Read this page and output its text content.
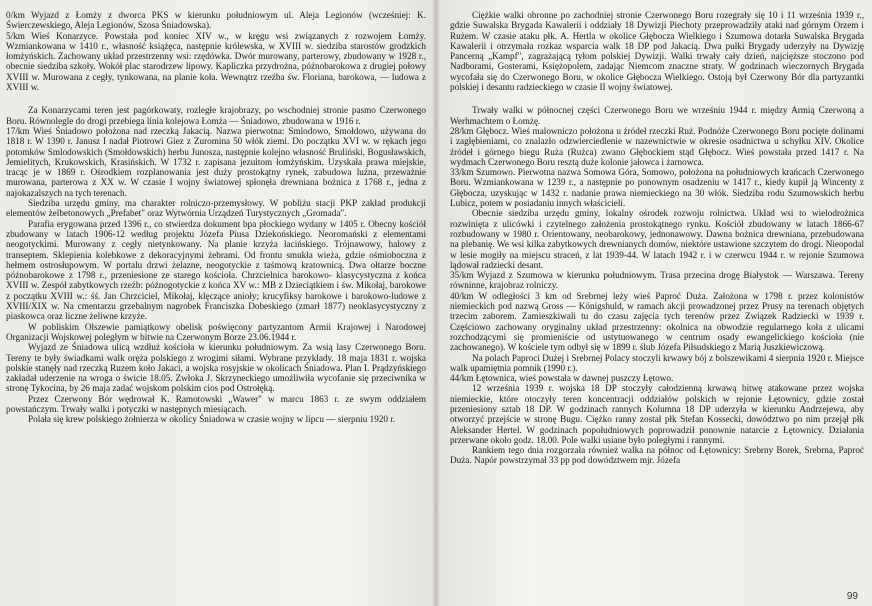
0/km Wyjazd z Łomży z dworca PKS w kierunku południowym ul. Aleja Legionów (wcześniej: K. Świerczewskiego, Aleja Legionów, Szosa Śniadowska).

5/km Wieś Konarzyce. Powstała pod koniec XIV w., w kręgu wsi związanych z rozwojem Łomży. Wzmiankowana w 1410 r., własność książęca, następnie królewska, w XVIII w. siedziba starostów grodzkich łomżyńskich. Zachowany układ przestrzenny wsi: rzędówka. Dwór murowany, parterowy, zbudowany w 1928 r., obecnie siedziba szkoły. Wokół plac starodrzew lipowy. Kapliczka przydrożna, późnobarokowa z drugiej połowy XVIII w. Murowana z cegły, tynkowana, na planie koła. Wewnątrz rzeźba św. Floriana, barokowa, — ludowa z XVIII w.

Za Konarzycami teren jest pagórkowaty, rozległe krajobrazy, po wschodniej stronie pasmo Czerwonego Boru. Równolegle do drogi przebiega linia kolejowa Łomża — Śniadowo, zbudowana w 1916 r.

17/km Wieś Śniadowo położona nad rzeczką Jakacią. Nazwa pierwotna: Smlodowo, Smołdowo, używana do 1818 r. W 1390 r. Janusz I nadał Piotrowi Giez z Zuromina 50 włók ziemi. Do początku XVI w. w rękach jego potomków Smlodowskich (Smołdowskich) herbu Junosza, następnie kolejno własność Bruliński, Bogusławskich, Jemielitych, Krukowskich, Krasińskich. W 1732 r. zapisana jezuitom łomżyńskim. Uzyskała prawa miejskie, tracąc je w 1869 r. Ośrodkiem rozplanowania jest duży prostokątny rynek, zabudowa luźna, przeważnie murowana, parterowa z XX w. W czasie I wojny światowej spłonęła drewniana bożnica z 1768 r., jedna z najokazalszych na tych terenach.

Siedziba urzędu gminy, ma charakter rolniczo-przemysłowy. W pobliżu stacji PKP zakład produkcji elementów żelbetonowych „Prefabet" oraz Wytwórnia Urządzeń Turystycznych „Gromada".

Parafia erygowana przed 1396 r., co stwierdza dokument bpa płockiego wydany w 1405 r. Obecny kościół zbudowany w latach 1906-12 według projektu Józefa Piusa Dziekońskiego. Neoromański z elementami neogotyckimi. Murowany z cegły nietynkowany. Na planie krzyża łacińskiego. Trójnawowy, halowy z transeptem. Sklepienia kolebkowe z dekoracyjnymi żebrami. Od frontu smukła wieża, gdzie ośmioboczna z hełmem ostrosłupowym. W portalu drzwi żelazne, neogotyckie z taśmową kratownicą. Dwa ołtarze boczne późnobarokowe z 1798 r., przeniesione ze starego kościoła. Chrzcielnica barokowo- klasycystyczna z końca XVIII w. Zespół zabytkowych rzeźb: późnogotyckie z końca XV w.: MB z Dzieciątkiem i św. Mikołaj, barokowe z początku XVIII w.: śś. Jan Chrzciciel, Mikołaj, klęczące anioły; krucyfiksy barokowe i barokowo-ludowe z XVIII/XIX w. Na cmentarzu grzebalnym nagrobek Franciszka Dobeskiego (zmarł 1877) neoklasycystyczny z piaskowca oraz liczne żeliwne krzyże.

W pobliskim Olszewie pamiątkowy obelisk poświęcony partyzantom Armii Krajowej i Narodowej Organizacji Wojskowej poległym w bitwie na Czerwonym Borze 23.06.1944 r.

Wyjazd ze Śniadowa ulicą wzdłuż kościoła w kierunku południowym. Za wsią lasy Czerwonego Boru. Tereny te były świadkami walk oręża polskiego z wrogimi siłami. Wybrane przykłady. 18 maja 1831 r. wojska polskie stanęły nad rzeczką Ruzem koło Jakaci, a wojska rosyjskie w okolicach Śniadowa. Plan I. Prądzyńskiego zakładał uderzenie na wroga o świcie 18.05. Zwłoka J. Skrzyneckiego umożliwiła wycofanie się przeciwnika w stronę Tykocina, by 26 maja zadać wojskom polskim cios pod Ostrołęką.

Przez Czerwony Bór wędrował K. Ramotowski „Wawer" w marcu 1863 r. ze swym oddziałem powstańczym. Trwały walki i potyczki w następnych miesiącach.

Polała się krew polskiego żołnierza w okolicy Śniadowa w czasie wojny w lipcu — sierpniu 1920 r.

Ciężkie walki obronne po zachodniej stronie Czerwonego Boru rozegrały się 10 i 11 września 1939 r., gdzie Suwalska Brygada Kawalerii i oddziały 18 Dywizji Piechoty przeprowadziły ataki nad górnym Orzem i Rużem. W czasie ataku płk. A. Hertla w okolice Głębocza Wielkiego i Szumowa dotarła Suwalska Brygada Kawalerii i otrzymała rozkaz wsparcia walk 18 DP pod Jakacią. Dwa pułki Brygady uderzyły na Dywizję Pancerną „Kampf", zagrażającą tyłom polskiej Dywizji. Walki trwały cały dzień, najcięższe stoczono pod Nadborami, Gosterami, Księżopolem, zadając Niemcom znaczne straty. W godzinach wieczornych Brygada wycofała się do Czerwonego Boru, w okolice Głębocza Wielkiego. Ostoją był Czerwony Bór dla partyzantki polskiej i desantu radzieckiego w czasie II wojny światowej.

Trwały walki w północnej części Czerwonego Boru we wrześniu 1944 r. między Armią Czerwoną a Werhmachtem o Łomżę.

28/km Głębocz. Wieś malowniczo położona u źródeł rzeczki Ruż. Podnóże Czerwonego Boru pocięte dolinami i zagłębieniami, co znalazło odzwierciedlenie w nazewnictwie w okresie osadnictwa u schyłku XIV. Okolice źródeł i górnego biegu Ruża (Rużca) zwano Głębockiem stąd Głębocz. Wieś powstała przed 1417 r. Na wydmach Czerwonego Boru resztą duże kolonie jałowca i żarnowca.

33/km Szumowo. Pierwotna nazwa Somowa Góra, Somowo, położona na południowych krańcach Czerwonego Boru. Wzmiankowana w 1239 r., a następnie po ponownym osadzeniu w 1417 r., kiedy kupił ją Wincenty z Głębocza, uzyskując w 1432 r. nadanie prawa niemieckiego na 30 włók. Siedziba rodu Szumowskich herbu Lubicz, potem w posiadaniu innych właścicieli.

Obecnie siedziba urzędu gminy, lokalny ośrodek rozwoju rolnictwa. Układ wsi to wielodrożnica rozwinięta z ulicówki i czytelnego założenia prostokątnego rynku. Kościół zbudowany w latach 1866-67 rozbudowany w 1980 r. Orientowany, neobarokowy, jednonawowy. Dawna bożnica drewniana, przebudowana na plebanię. We wsi kilka zabytkowych drewnianych domów, niektóre ustawione szczytem do drogi. Nieopodal w lesie mogiły na miejscu straceń, z lat 1939-44. W latach 1942 r. i w czerwcu 1944 r. w rejonie Szumowa lądował radziecki desant.

35/km Wyjazd z Szumowa w kierunku południowym. Trasa przecina drogę Białystok — Warszawa. Tereny równinne, krajobraz rolniczy.

40/km W odległości 3 km od Srebrnej leży wieś Paproć Duża. Założona w 1798 r. przez kolonistów niemieckich pod nazwą Gross — Königshuld, w ramach akcji prowadzonej przez Prusy na terenach objętych trzecim zaborem. Zamieszkiwali tu do czasu zajęcia tych terenów przez Związek Radziecki w 1939 r. Częściowo zachowany oryginalny układ przestrzenny: okolnica na obwodzie regularnego koła z ulicami rozchodzącymi się promieniście od ustytuowanego w centrum osady ewangelickiego kościoła (nie zachowanego). W kościele tym odbył się w 1899 r. ślub Józefa Piłsudskiego z Marią Juszkiewiczową.

Na polach Paproci Dużej i Srebrnej Polacy stoczyli krwawy bój z bolszewikami 4 sierpnia 1920 r. Miejsce walk upamiętnia pomnik (1990 r.).

44/km Łętownica, wieś powstała w dawnej puszczy Łętowo.

12 września 1939 r. wojska 18 DP stoczyły całodzienną krwawą bitwę atakowane przez wojska niemieckie, które otoczyły teren koncentracji oddziałów polskich w rejonie Łętownicy, gdzie został przeniesiony sztab 18 DP. W godzinach rannych Kolumna 18 DP uderzyła w kierunku Andrzejewa, aby otworzyć przejście w stronę Bugu. Ciężko ranny został płk Stefan Kossecki, dowództwo po nim przejął płk Aleksander Hertel. W godzinach popołudniowych poprowadził ponownie natarcie z Łętownicy. Działania przerwane około godz. 18.00. Pole walki usiane było poległymi i rannymi.

Rankiem tego dnia rozgorzała również walka na północ od Łętownicy: Srebrny Borek, Srebrna, Paproć Duża. Napór powstrzymał 33 pp pod dowództwem mjr. Józefa

99
